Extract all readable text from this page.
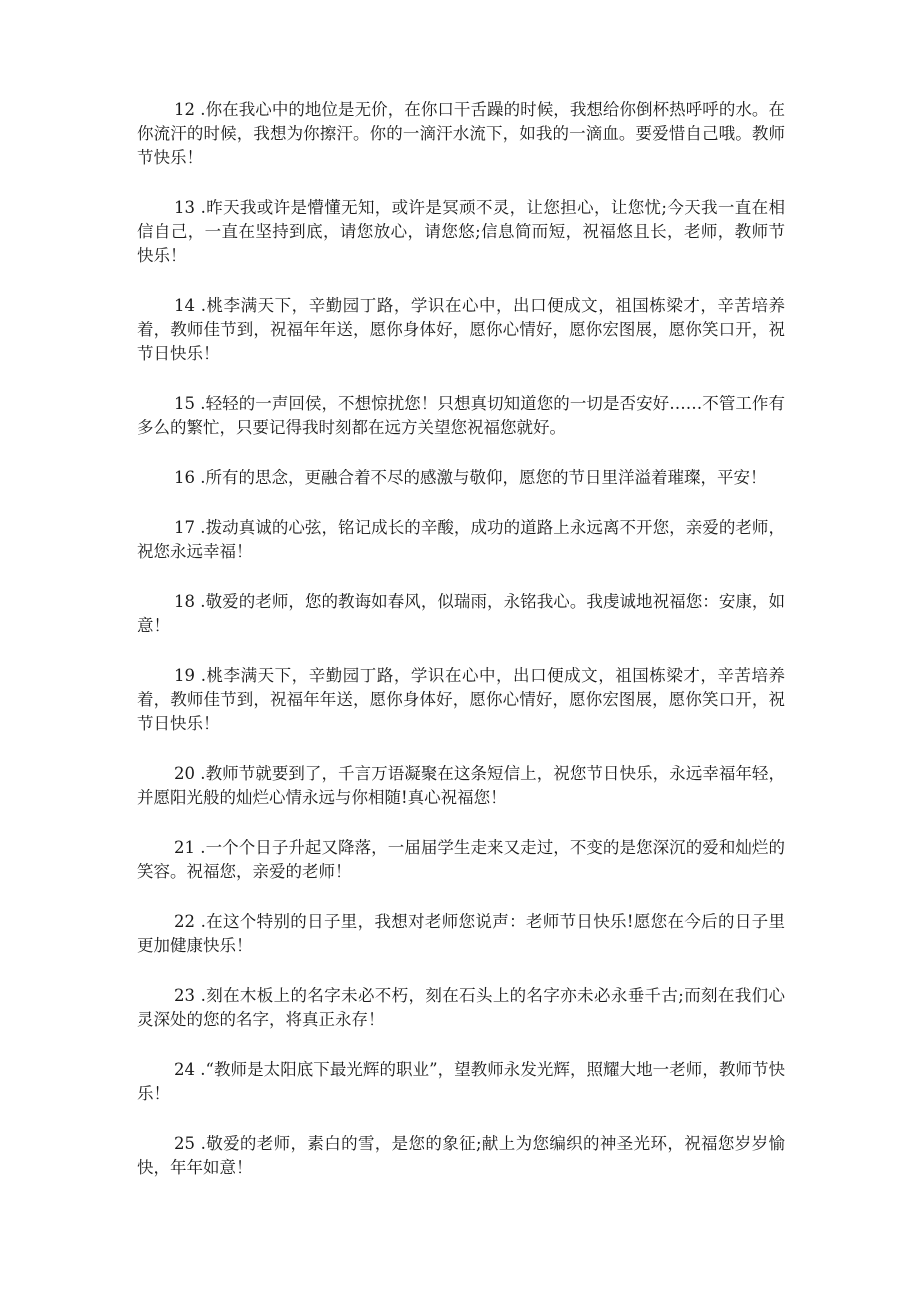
12 .你在我心中的地位是无价，在你口干舌躁的时候，我想给你倒杯热呼呼的水。在你流汗的时候，我想为你擦汗。你的一滴汗水流下，如我的一滴血。要爱惜自己哦。教师节快乐！

13 .昨天我或许是懵懂无知，或许是冥顽不灵，让您担心，让您忧;今天我一直在相信自己，一直在坚持到底，请您放心，请您悠;信息简而短，祝福悠且长，老师，教师节快乐！

14 .桃李满天下，辛勤园丁路，学识在心中，出口便成文，祖国栋梁才，辛苦培养着，教师佳节到，祝福年年送，愿你身体好，愿你心情好，愿你宏图展，愿你笑口开，祝节日快乐！

15 .轻轻的一声回侯，不想惊扰您！只想真切知道您的一切是否安好……不管工作有多么的繁忙，只要记得我时刻都在远方关望您祝福您就好。

16 .所有的思念，更融合着不尽的感激与敬仰，愿您的节日里洋溢着璀璨，平安！

17 .拨动真诚的心弦，铭记成长的辛酸，成功的道路上永远离不开您，亲爱的老师，祝您永远幸福！

18 .敬爱的老师，您的教诲如春风，似瑞雨，永铭我心。我虔诚地祝福您：安康，如意！

19 .桃李满天下，辛勤园丁路，学识在心中，出口便成文，祖国栋梁才，辛苦培养着，教师佳节到，祝福年年送，愿你身体好，愿你心情好，愿你宏图展，愿你笑口开，祝节日快乐！

20 .教师节就要到了，千言万语凝聚在这条短信上，祝您节日快乐，永远幸福年轻，并愿阳光般的灿烂心情永远与你相随!真心祝福您！

21 .一个个日子升起又降落，一届届学生走来又走过，不变的是您深沉的爱和灿烂的笑容。祝福您，亲爱的老师！

22 .在这个特别的日子里，我想对老师您说声：老师节日快乐!愿您在今后的日子里更加健康快乐！

23 .刻在木板上的名字未必不朽，刻在石头上的名字亦未必永垂千古;而刻在我们心灵深处的您的名字，将真正永存！

24 .“教师是太阳底下最光辉的职业”，望教师永发光辉，照耀大地一老师，教师节快乐！

25 .敬爱的老师，素白的雪，是您的象征;献上为您编织的神圣光环，祝福您岁岁愉快，年年如意！
